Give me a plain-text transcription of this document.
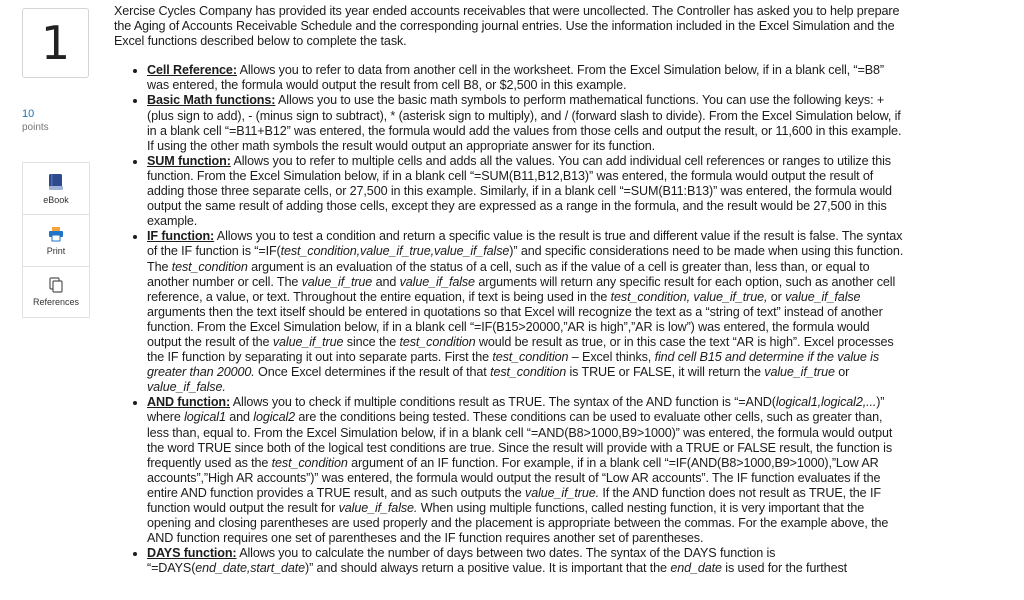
1
10
points
eBook
Print
References

Xercise Cycles Company has provided its year ended accounts receivables that were uncollected. The Controller has asked you to help prepare the Aging of Accounts Receivable Schedule and the corresponding journal entries. Use the information included in the Excel Simulation and the Excel functions described below to complete the task.

• Cell Reference: Allows you to refer to data from another cell in the worksheet. From the Excel Simulation below, if in a blank cell, “=B8” was entered, the formula would output the result from cell B8, or $2,500 in this example.
• Basic Math functions: Allows you to use the basic math symbols to perform mathematical functions. You can use the following keys: + (plus sign to add), - (minus sign to subtract), * (asterisk sign to multiply), and / (forward slash to divide). From the Excel Simulation below, if in a blank cell “=B11+B12” was entered, the formula would add the values from those cells and output the result, or 11,600 in this example. If using the other math symbols the result would output an appropriate answer for its function.
• SUM function: Allows you to refer to multiple cells and adds all the values. You can add individual cell references or ranges to utilize this function. From the Excel Simulation below, if in a blank cell “=SUM(B11,B12,B13)” was entered, the formula would output the result of adding those three separate cells, or 27,500 in this example. Similarly, if in a blank cell “=SUM(B11:B13)” was entered, the formula would output the same result of adding those cells, except they are expressed as a range in the formula, and the result would be 27,500 in this example.
• IF function: Allows you to test a condition and return a specific value is the result is true and different value if the result is false. The syntax of the IF function is “=IF(test_condition,value_if_true,value_if_false)” and specific considerations need to be made when using this function. The test_condition argument is an evaluation of the status of a cell, such as if the value of a cell is greater than, less than, or equal to another number or cell. The value_if_true and value_if_false arguments will return any specific result for each option, such as another cell reference, a value, or text. Throughout the entire equation, if text is being used in the test_condition, value_if_true, or value_if_false arguments then the text itself should be entered in quotations so that Excel will recognize the text as a “string of text” instead of another function. From the Excel Simulation below, if in a blank cell “=IF(B15>20000,”AR is high”,”AR is low”) was entered, the formula would output the result of the value_if_true since the test_condition would be result as true, or in this case the text “AR is high”. Excel processes the IF function by separating it out into separate parts. First the test_condition – Excel thinks, find cell B15 and determine if the value is greater than 20000. Once Excel determines if the result of that test_condition is TRUE or FALSE, it will return the value_if_true or value_if_false.
• AND function: Allows you to check if multiple conditions result as TRUE. The syntax of the AND function is “=AND(logical1,logical2,...)” where logical1 and logical2 are the conditions being tested. These conditions can be used to evaluate other cells, such as greater than, less than, equal to. From the Excel Simulation below, if in a blank cell “=AND(B8>1000,B9>1000)” was entered, the formula would output the word TRUE since both of the logical test conditions are true. Since the result will provide with a TRUE or FALSE result, the function is frequently used as the test_condition argument of an IF function. For example, if in a blank cell “=IF(AND(B8>1000,B9>1000),”Low AR accounts”,”High AR accounts”)” was entered, the formula would output the result of “Low AR accounts”. The IF function evaluates if the entire AND function provides a TRUE result, and as such outputs the value_if_true. If the AND function does not result as TRUE, the IF function would output the result for value_if_false. When using multiple functions, called nesting function, it is very important that the opening and closing parentheses are used properly and the placement is appropriate between the commas. For the example above, the AND function requires one set of parentheses and the IF function requires another set of parentheses.
• DAYS function: Allows you to calculate the number of days between two dates. The syntax of the DAYS function is “=DAYS(end_date,start_date)” and should always return a positive value. It is important that the end_date is used for the furthest
